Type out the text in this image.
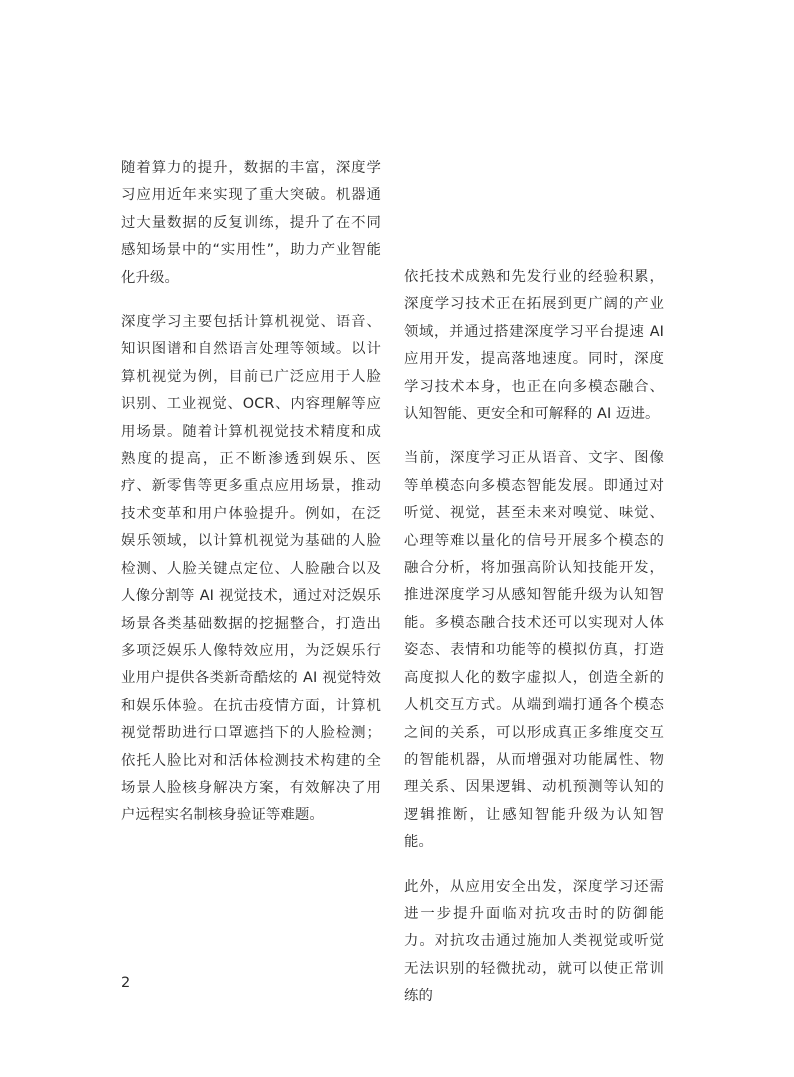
随着算力的提升，数据的丰富，深度学习应用近年来实现了重大突破。机器通过大量数据的反复训练，提升了在不同感知场景中的“实用性”，助力产业智能化升级。

深度学习主要包括计算机视觉、语音、知识图谱和自然语言处理等领域。以计算机视觉为例，目前已广泛应用于人脸识别、工业视觉、OCR、内容理解等应用场景。随着计算机视觉技术精度和成熟度的提高，正不断渗透到娱乐、医疗、新零售等更多重点应用场景，推动技术变革和用户体验提升。例如，在泛娱乐领域，以计算机视觉为基础的人脸检测、人脸关键点定位、人脸融合以及人像分割等 AI 视觉技术，通过对泛娱乐场景各类基础数据的挖掘整合，打造出多项泛娱乐人像特效应用，为泛娱乐行业用户提供各类新奇酷炫的 AI 视觉特效和娱乐体验。在抗击疫情方面，计算机视觉帮助进行口罩遮挡下的人脸检测；依托人脸比对和活体检测技术构建的全场景人脸核身解决方案，有效解决了用户远程实名制核身验证等难题。

依托技术成熟和先发行业的经验积累，深度学习技术正在拓展到更广阔的产业领域，并通过搭建深度学习平台提速 AI 应用开发，提高落地速度。同时，深度学习技术本身，也正在向多模态融合、认知智能、更安全和可解释的 AI 迈进。

当前，深度学习正从语音、文字、图像等单模态向多模态智能发展。即通过对听觉、视觉，甚至未来对嗅觉、味觉、心理等难以量化的信号开展多个模态的融合分析，将加强高阶认知技能开发，推进深度学习从感知智能升级为认知智能。多模态融合技术还可以实现对人体姿态、表情和功能等的模拟仿真，打造高度拟人化的数字虚拟人，创造全新的人机交互方式。从端到端打通各个模态之间的关系，可以形成真正多维度交互的智能机器，从而增强对功能属性、物理关系、因果逻辑、动机预测等认知的逻辑推断，让感知智能升级为认知智能。

此外，从应用安全出发，深度学习还需进一步提升面临对抗攻击时的防御能力。对抗攻击通过施加人类视觉或听觉无法识别的轻微扰动，就可以使正常训练的

2
